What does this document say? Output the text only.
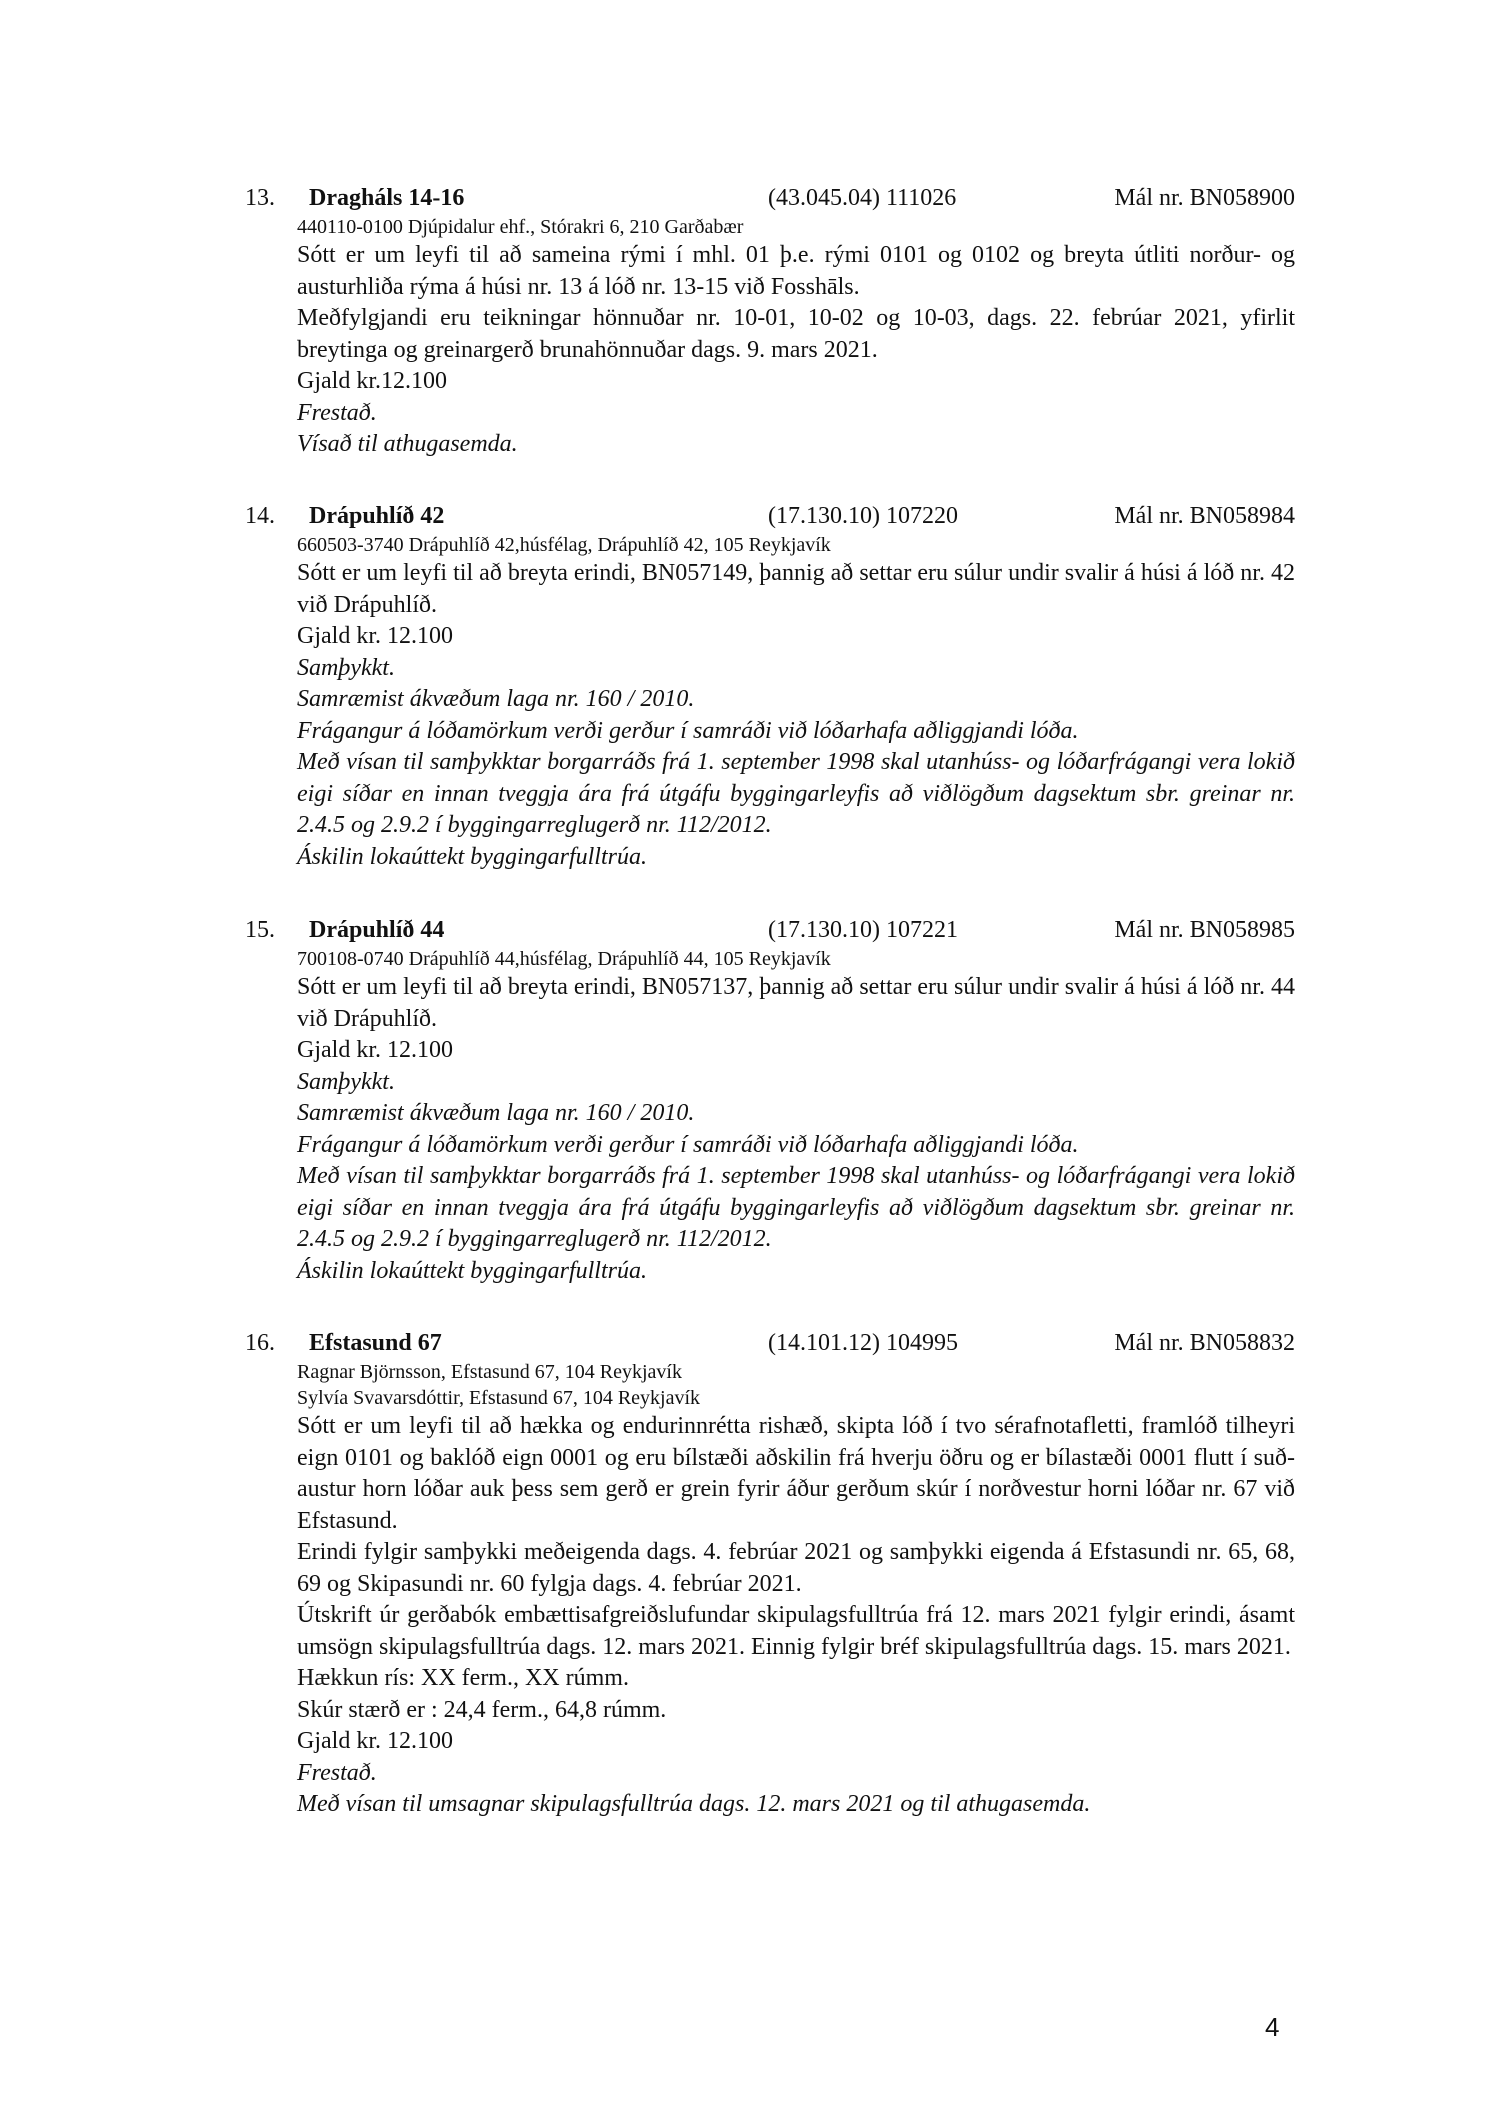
13. Dragháls 14-16	(43.045.04) 111026	Mál nr. BN058900
440110-0100 Djúpidalur ehf., Stórakri 6, 210 Garðabær
Sótt er um leyfi til að sameina rými í mhl. 01 þ.e. rými 0101 og 0102 og breyta útliti norður- og austurhliða rýma á húsi nr. 13 á lóð nr. 13-15 við Fosshāls.
Meðfylgjandi eru teikningar hönnuðar nr. 10-01, 10-02 og 10-03, dags. 22. febrúar 2021, yfirlit breytinga og greinargerð brunahönnuðar dags. 9. mars 2021.
Gjald kr.12.100
Frestað.
Vísað til athugasemda.
14. Drápuhlíð 42	(17.130.10) 107220	Mál nr. BN058984
660503-3740 Drápuhlíð 42,húsfélag, Drápuhlíð 42, 105 Reykjavík
Sótt er um leyfi til að breyta erindi, BN057149, þannig að settar eru súlur undir svalir á húsi á lóð nr. 42 við Drápuhlíð.
Gjald kr. 12.100
Samþykkt.
Samræmist ákvæðum laga nr. 160 / 2010.
Frágangur á lóðamörkum verði gerður í samráði við lóðarhafa aðliggjandi lóða.
Með vísan til samþykktar borgarráðs frá 1. september 1998 skal utanhúss- og lóðarfrágangi vera lokið eigi síðar en innan tveggja ára frá útgáfu byggingarleyfis að viðlögðum dagsektum sbr. greinar nr. 2.4.5 og 2.9.2 í byggingarreglugerð nr. 112/2012.
Áskilin lokaúttekt byggingarfulltrúa.
15. Drápuhlíð 44	(17.130.10) 107221	Mál nr. BN058985
700108-0740 Drápuhlíð 44,húsfélag, Drápuhlíð 44, 105 Reykjavík
Sótt er um leyfi til að breyta erindi, BN057137, þannig að settar eru súlur undir svalir á húsi á lóð nr. 44 við Drápuhlíð.
Gjald kr. 12.100
Samþykkt.
Samræmist ákvæðum laga nr. 160 / 2010.
Frágangur á lóðamörkum verði gerður í samráði við lóðarhafa aðliggjandi lóða.
Með vísan til samþykktar borgarráðs frá 1. september 1998 skal utanhúss- og lóðarfrágangi vera lokið eigi síðar en innan tveggja ára frá útgáfu byggingarleyfis að viðlögðum dagsektum sbr. greinar nr. 2.4.5 og 2.9.2 í byggingarreglugerð nr. 112/2012.
Áskilin lokaúttekt byggingarfulltrúa.
16. Efstasund 67	(14.101.12) 104995	Mál nr. BN058832
Ragnar Björnsson, Efstasund 67, 104 Reykjavík
Sylvía Svavarsdóttir, Efstasund 67, 104 Reykjavík
Sótt er um leyfi til að hækka og endurinnrétta rishæð, skipta lóð í tvo sérafnotafletti, framlóð tilheyri eign 0101 og baklóð eign 0001 og eru bílstæði aðskilin frá hverju öðru og er bílastæði 0001 flutt í suð-austur horn lóðar auk þess sem gerð er grein fyrir áður gerðum skúr í norðvestur horni lóðar nr. 67 við Efstasund.
Erindi fylgir samþykki meðeigenda dags. 4. febrúar 2021 og samþykki eigenda á Efstasundi nr. 65, 68, 69 og Skipasundi nr. 60 fylgja dags. 4. febrúar 2021.
Útskrift úr gerðabók embættisafgreiðslufundar skipulagsfulltrúa frá 12. mars 2021 fylgir erindi, ásamt umsögn skipulagsfulltrúa dags. 12. mars 2021. Einnig fylgir bréf skipulagsfulltrúa dags. 15. mars 2021.
Hækkun rís: XX ferm., XX rúmm.
Skúr stærð er : 24,4 ferm., 64,8 rúmm.
Gjald kr. 12.100
Frestað.
Með vísan til umsagnar skipulagsfulltrúa dags. 12. mars 2021 og til athugasemda.
4
